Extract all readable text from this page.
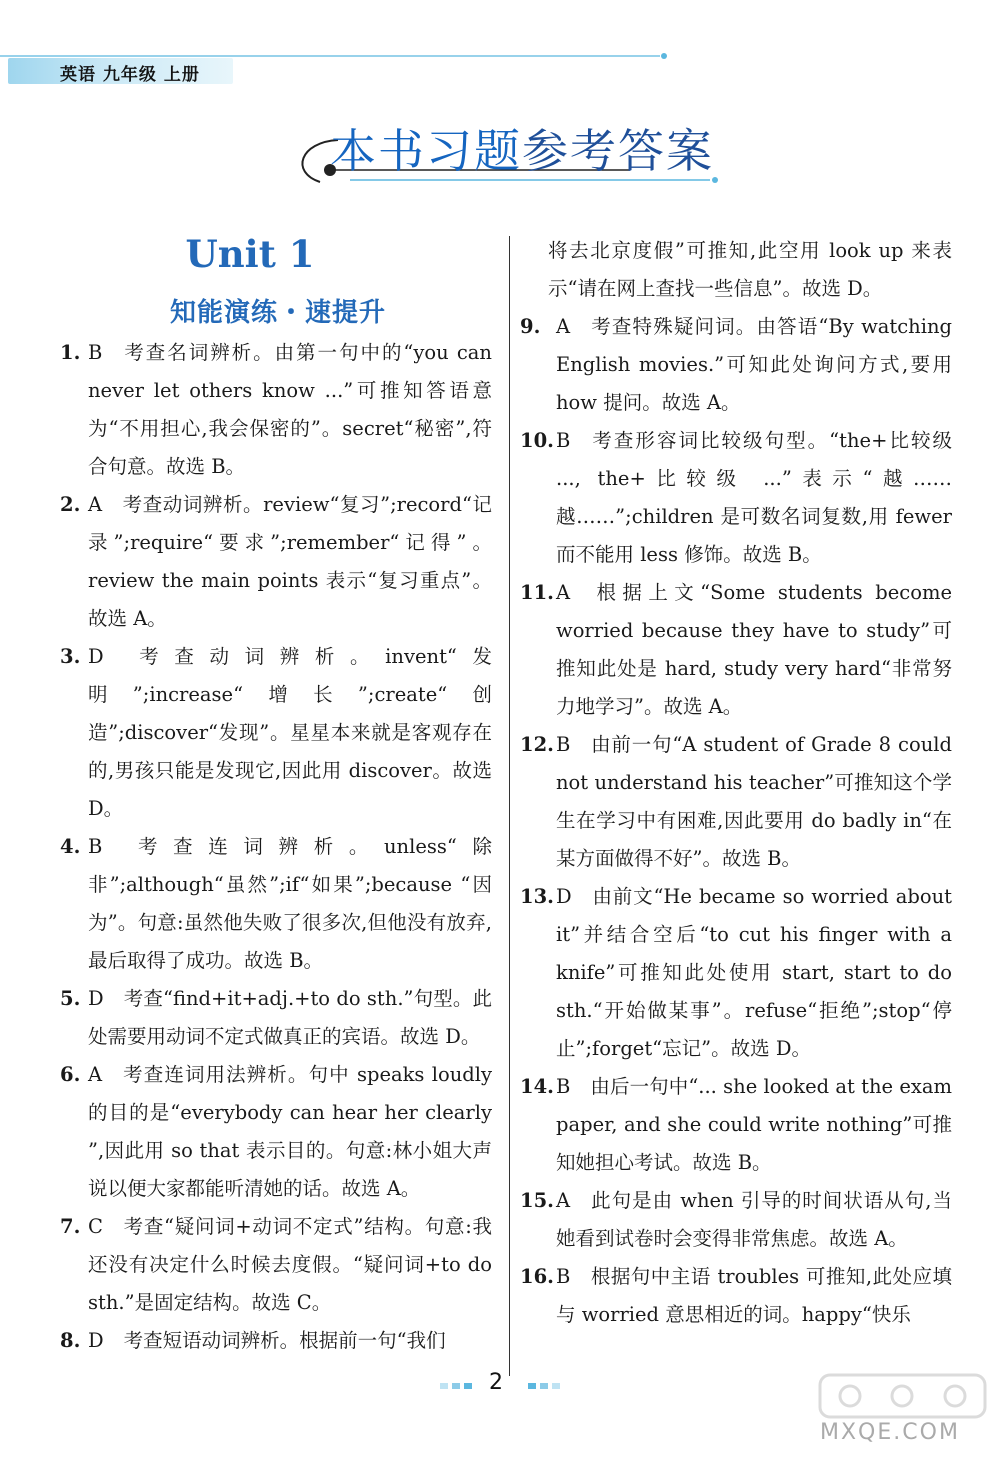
英语 九年级 上册
本书习题参考答案
Unit 1
知能演练・速提升

1. B 考查名词辨析。由第一句中的“you can never let others know ...”可推知答语意为“不用担心,我会保密的”。secret“秘密”,符合句意。故选 B。

2. A 考查动词辨析。review“复习”;record“记录”;require“要求”;remember“记得”。review the main points 表示“复习重点”。故选 A。

3. D 考查动词辨析。invent“发明”;increase“增长”;create“创造”;discover“发现”。星星本来就是客观存在的,男孩只能是发现它,因此用 discover。故选 D。

4. B 考查连词辨析。unless“除非”;although“虽然”;if“如果”;because “因为”。句意:虽然他失败了很多次,但他没有放弃,最后取得了成功。故选 B。

5. D 考查“find+it+adj.+to do sth.”句型。此处需要用动词不定式做真正的宾语。故选 D。

6. A 考查连词用法辨析。句中 speaks loudly 的目的是“everybody can hear her clearly ”,因此用 so that 表示目的。句意:林小姐大声说以便大家都能听清她的话。故选 A。

7. C 考查“疑问词+动词不定式”结构。句意:我还没有决定什么时候去度假。“疑问词+to do sth.”是固定结构。故选 C。

8. D 考查短语动词辨析。根据前一句“我们

将去北京度假”可推知,此空用 look up 来表示“请在网上查找一些信息”。故选 D。

9. A 考查特殊疑问词。由答语“By watching English movies.”可知此处询问方式,要用 how 提问。故选 A。

10. B 考查形容词比较级句型。“the+比较级 ..., the+比较级 ...”表示“越……越……”;children 是可数名词复数,用 fewer 而不能用 less 修饰。故选 B。

11. A 根据上文“Some students become worried because they have to study”可推知此处是 hard, study very hard“非常努力地学习”。故选 A。

12. B 由前一句“A student of Grade 8 could not understand his teacher”可推知这个学生在学习中有困难,因此要用 do badly in“在某方面做得不好”。故选 B。

13. D 由前文“He became so worried about it”并结合空后“to cut his finger with a knife”可推知此处使用 start, start to do sth.“开始做某事”。refuse“拒绝”;stop“停止”;forget“忘记”。故选 D。

14. B 由后一句中“... she looked at the exam paper, and she could write nothing”可推知她担心考试。故选 B。

15. A 此句是由 when 引导的时间状语从句,当她看到试卷时会变得非常焦虑。故选 A。

16. B 根据句中主语 troubles 可推知,此处应填与 worried 意思相近的词。happy“快乐

2
MXQE.COM
